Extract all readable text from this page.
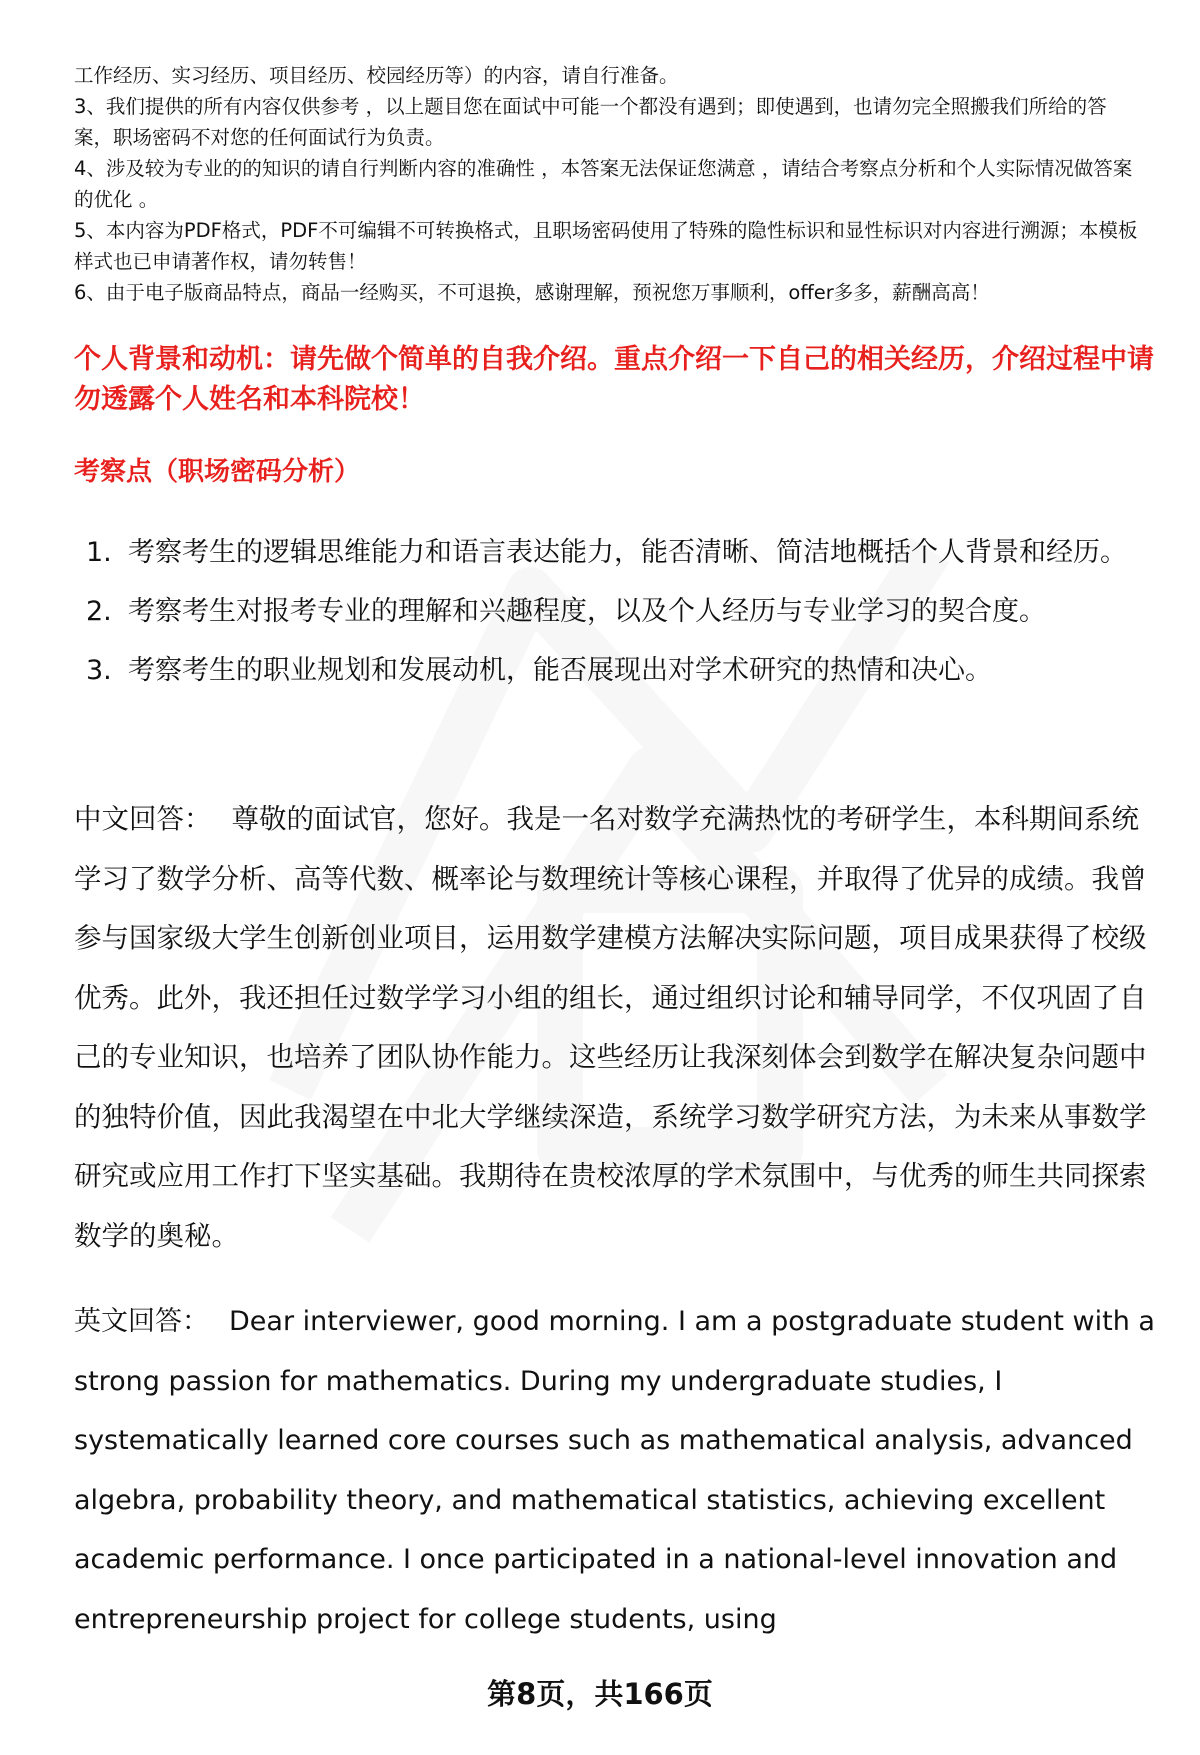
工作经历、实习经历、项目经历、校园经历等）的内容，请自行准备。

3、我们提供的所有内容仅供参考 ，以上题目您在面试中可能一个都没有遇到；即使遇到，也请勿完全照搬我们所给的答案，职场密码不对您的任何面试行为负责。

4、涉及较为专业的的知识的请自行判断内容的准确性 ，本答案无法保证您满意 ，请结合考察点分析和个人实际情况做答案的优化 。

5、本内容为PDF格式，PDF不可编辑不可转换格式，且职场密码使用了特殊的隐性标识和显性标识对内容进行溯源；本模板样式也已申请著作权，请勿转售！

6、由于电子版商品特点，商品一经购买，不可退换，感谢理解，预祝您万事顺利，offer多多，薪酬高高！

个人背景和动机：请先做个简单的自我介绍。重点介绍一下自己的相关经历，介绍过程中请勿透露个人姓名和本科院校！
考察点（职场密码分析）
1. 考察考生的逻辑思维能力和语言表达能力，能否清晰、简洁地概括个人背景和经历。
2. 考察考生对报考专业的理解和兴趣程度，以及个人经历与专业学习的契合度。
3. 考察考生的职业规划和发展动机，能否展现出对学术研究的热情和决心。

中文回答： 尊敬的面试官，您好。我是一名对数学充满热忱的考研学生，本科期间系统学习了数学分析、高等代数、概率论与数理统计等核心课程，并取得了优异的成绩。我曾参与国家级大学生创新创业项目，运用数学建模方法解决实际问题，项目成果获得了校级优秀。此外，我还担任过数学学习小组的组长，通过组织讨论和辅导同学，不仅巩固了自己的专业知识，也培养了团队协作能力。这些经历让我深刻体会到数学在解决复杂问题中的独特价值，因此我渴望在中北大学继续深造，系统学习数学研究方法，为未来从事数学研究或应用工作打下坚实基础。我期待在贵校浓厚的学术氛围中，与优秀的师生共同探索数学的奥秘。

英文回答： Dear interviewer, good morning. I am a postgraduate student with a strong passion for mathematics. During my undergraduate studies, I systematically learned core courses such as mathematical analysis, advanced algebra, probability theory, and mathematical statistics, achieving excellent academic performance. I once participated in a national-level innovation and entrepreneurship project for college students, using

第8页，共166页
